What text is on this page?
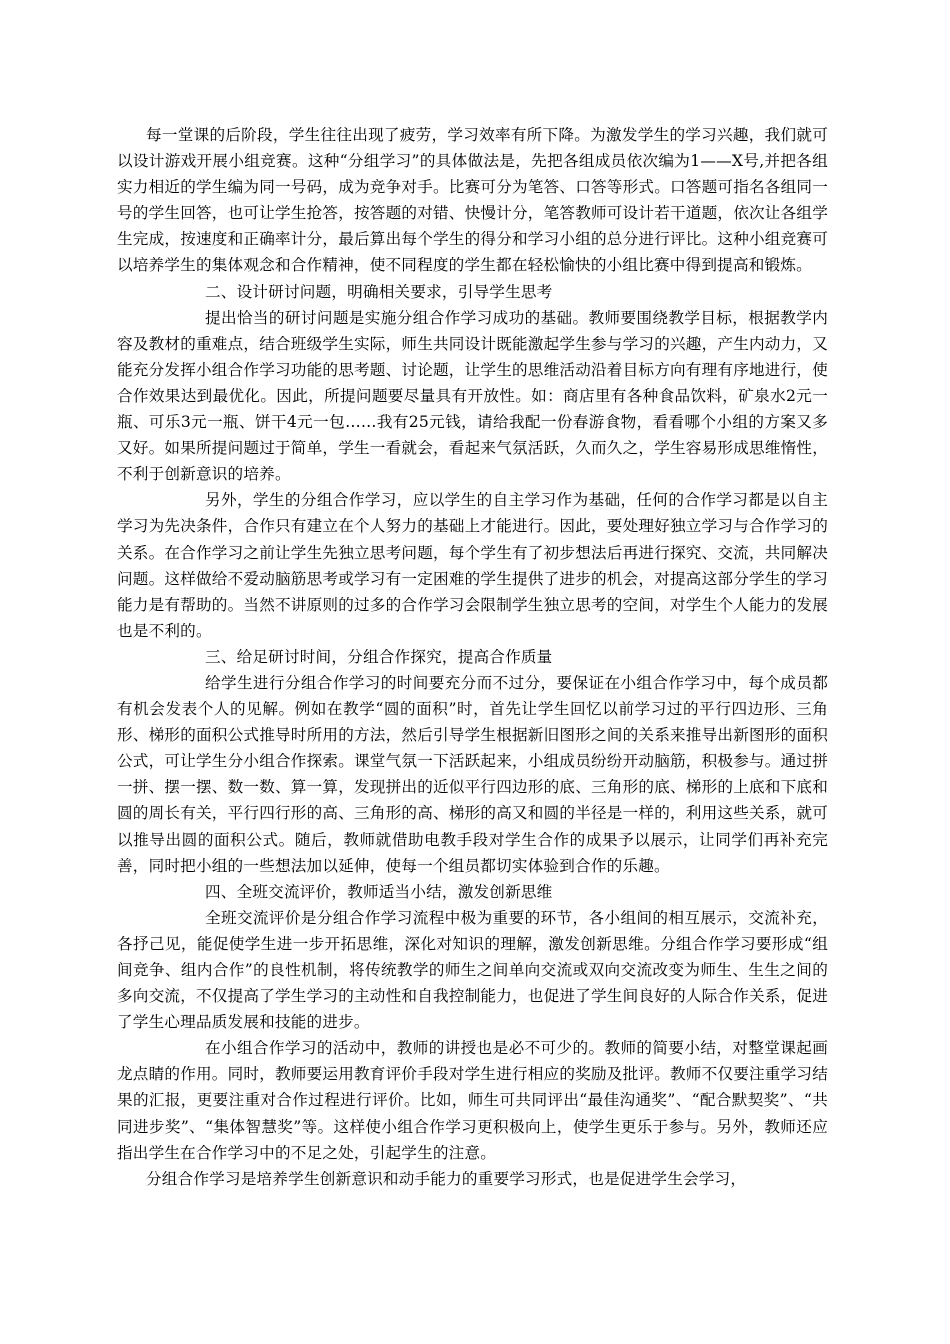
每一堂课的后阶段，学生往往出现了疲劳，学习效率有所下降。为激发学生的学习兴趣，我们就可以设计游戏开展小组竞赛。这种“分组学习”的具体做法是，先把各组成员依次编为1——X号,并把各组实力相近的学生编为同一号码，成为竞争对手。比赛可分为笔答、口答等形式。口答题可指名各组同一号的学生回答，也可让学生抢答，按答题的对错、快慢计分，笔答教师可设计若干道题，依次让各组学生完成，按速度和正确率计分，最后算出每个学生的得分和学习小组的总分进行评比。这种小组竞赛可以培养学生的集体观念和合作精神，使不同程度的学生都在轻松愉快的小组比赛中得到提高和锻炼。

二、设计研讨问题，明确相关要求，引导学生思考

提出恰当的研讨问题是实施分组合作学习成功的基础。教师要围绕教学目标，根据教学内容及教材的重难点，结合班级学生实际，师生共同设计既能激起学生参与学习的兴趣，产生内动力，又能充分发挥小组合作学习功能的思考题、讨论题，让学生的思维活动沿着目标方向有理有序地进行，使合作效果达到最优化。因此，所提问题要尽量具有开放性。如：商店里有各种食品饮料，矿泉水2元一瓶、可乐3元一瓶、饼干4元一包……我有25元钱，请给我配一份春游食物，看看哪个小组的方案又多又好。如果所提问题过于简单，学生一看就会，看起来气氛活跃，久而久之，学生容易形成思维惰性，不利于创新意识的培养。

另外，学生的分组合作学习，应以学生的自主学习作为基础，任何的合作学习都是以自主学习为先决条件，合作只有建立在个人努力的基础上才能进行。因此，要处理好独立学习与合作学习的关系。在合作学习之前让学生先独立思考问题，每个学生有了初步想法后再进行探究、交流，共同解决问题。这样做给不爱动脑筋思考或学习有一定困难的学生提供了进步的机会，对提高这部分学生的学习能力是有帮助的。当然不讲原则的过多的合作学习会限制学生独立思考的空间，对学生个人能力的发展也是不利的。

三、给足研讨时间，分组合作探究，提高合作质量

给学生进行分组合作学习的时间要充分而不过分，要保证在小组合作学习中，每个成员都有机会发表个人的见解。例如在教学“圆的面积”时，首先让学生回忆以前学习过的平行四边形、三角形、梯形的面积公式推导时所用的方法，然后引导学生根据新旧图形之间的关系来推导出新图形的面积公式，可让学生分小组合作探索。课堂气氛一下活跃起来，小组成员纷纷开动脑筋，积极参与。通过拼一拼、摆一摆、数一数、算一算，发现拼出的近似平行四边形的底、三角形的底、梯形的上底和下底和圆的周长有关，平行四行形的高、三角形的高、梯形的高又和圆的半径是一样的，利用这些关系，就可以推导出圆的面积公式。随后，教师就借助电教手段对学生合作的成果予以展示，让同学们再补充完善，同时把小组的一些想法加以延伸，使每一个组员都切实体验到合作的乐趣。

四、全班交流评价，教师适当小结，激发创新思维

全班交流评价是分组合作学习流程中极为重要的环节，各小组间的相互展示，交流补充，各抒己见，能促使学生进一步开拓思维，深化对知识的理解，激发创新思维。分组合作学习要形成“组间竞争、组内合作”的良性机制，将传统教学的师生之间单向交流或双向交流改变为师生、生生之间的多向交流，不仅提高了学生学习的主动性和自我控制能力，也促进了学生间良好的人际合作关系，促进了学生心理品质发展和技能的进步。

在小组合作学习的活动中，教师的讲授也是必不可少的。教师的简要小结，对整堂课起画龙点睛的作用。同时，教师要运用教育评价手段对学生进行相应的奖励及批评。教师不仅要注重学习结果的汇报，更要注重对合作过程进行评价。比如，师生可共同评出“最佳沟通奖”、“配合默契奖”、“共同进步奖”、“集体智慧奖”等。这样使小组合作学习更积极向上，使学生更乐于参与。另外，教师还应指出学生在合作学习中的不足之处，引起学生的注意。

分组合作学习是培养学生创新意识和动手能力的重要学习形式，也是促进学生会学习，
